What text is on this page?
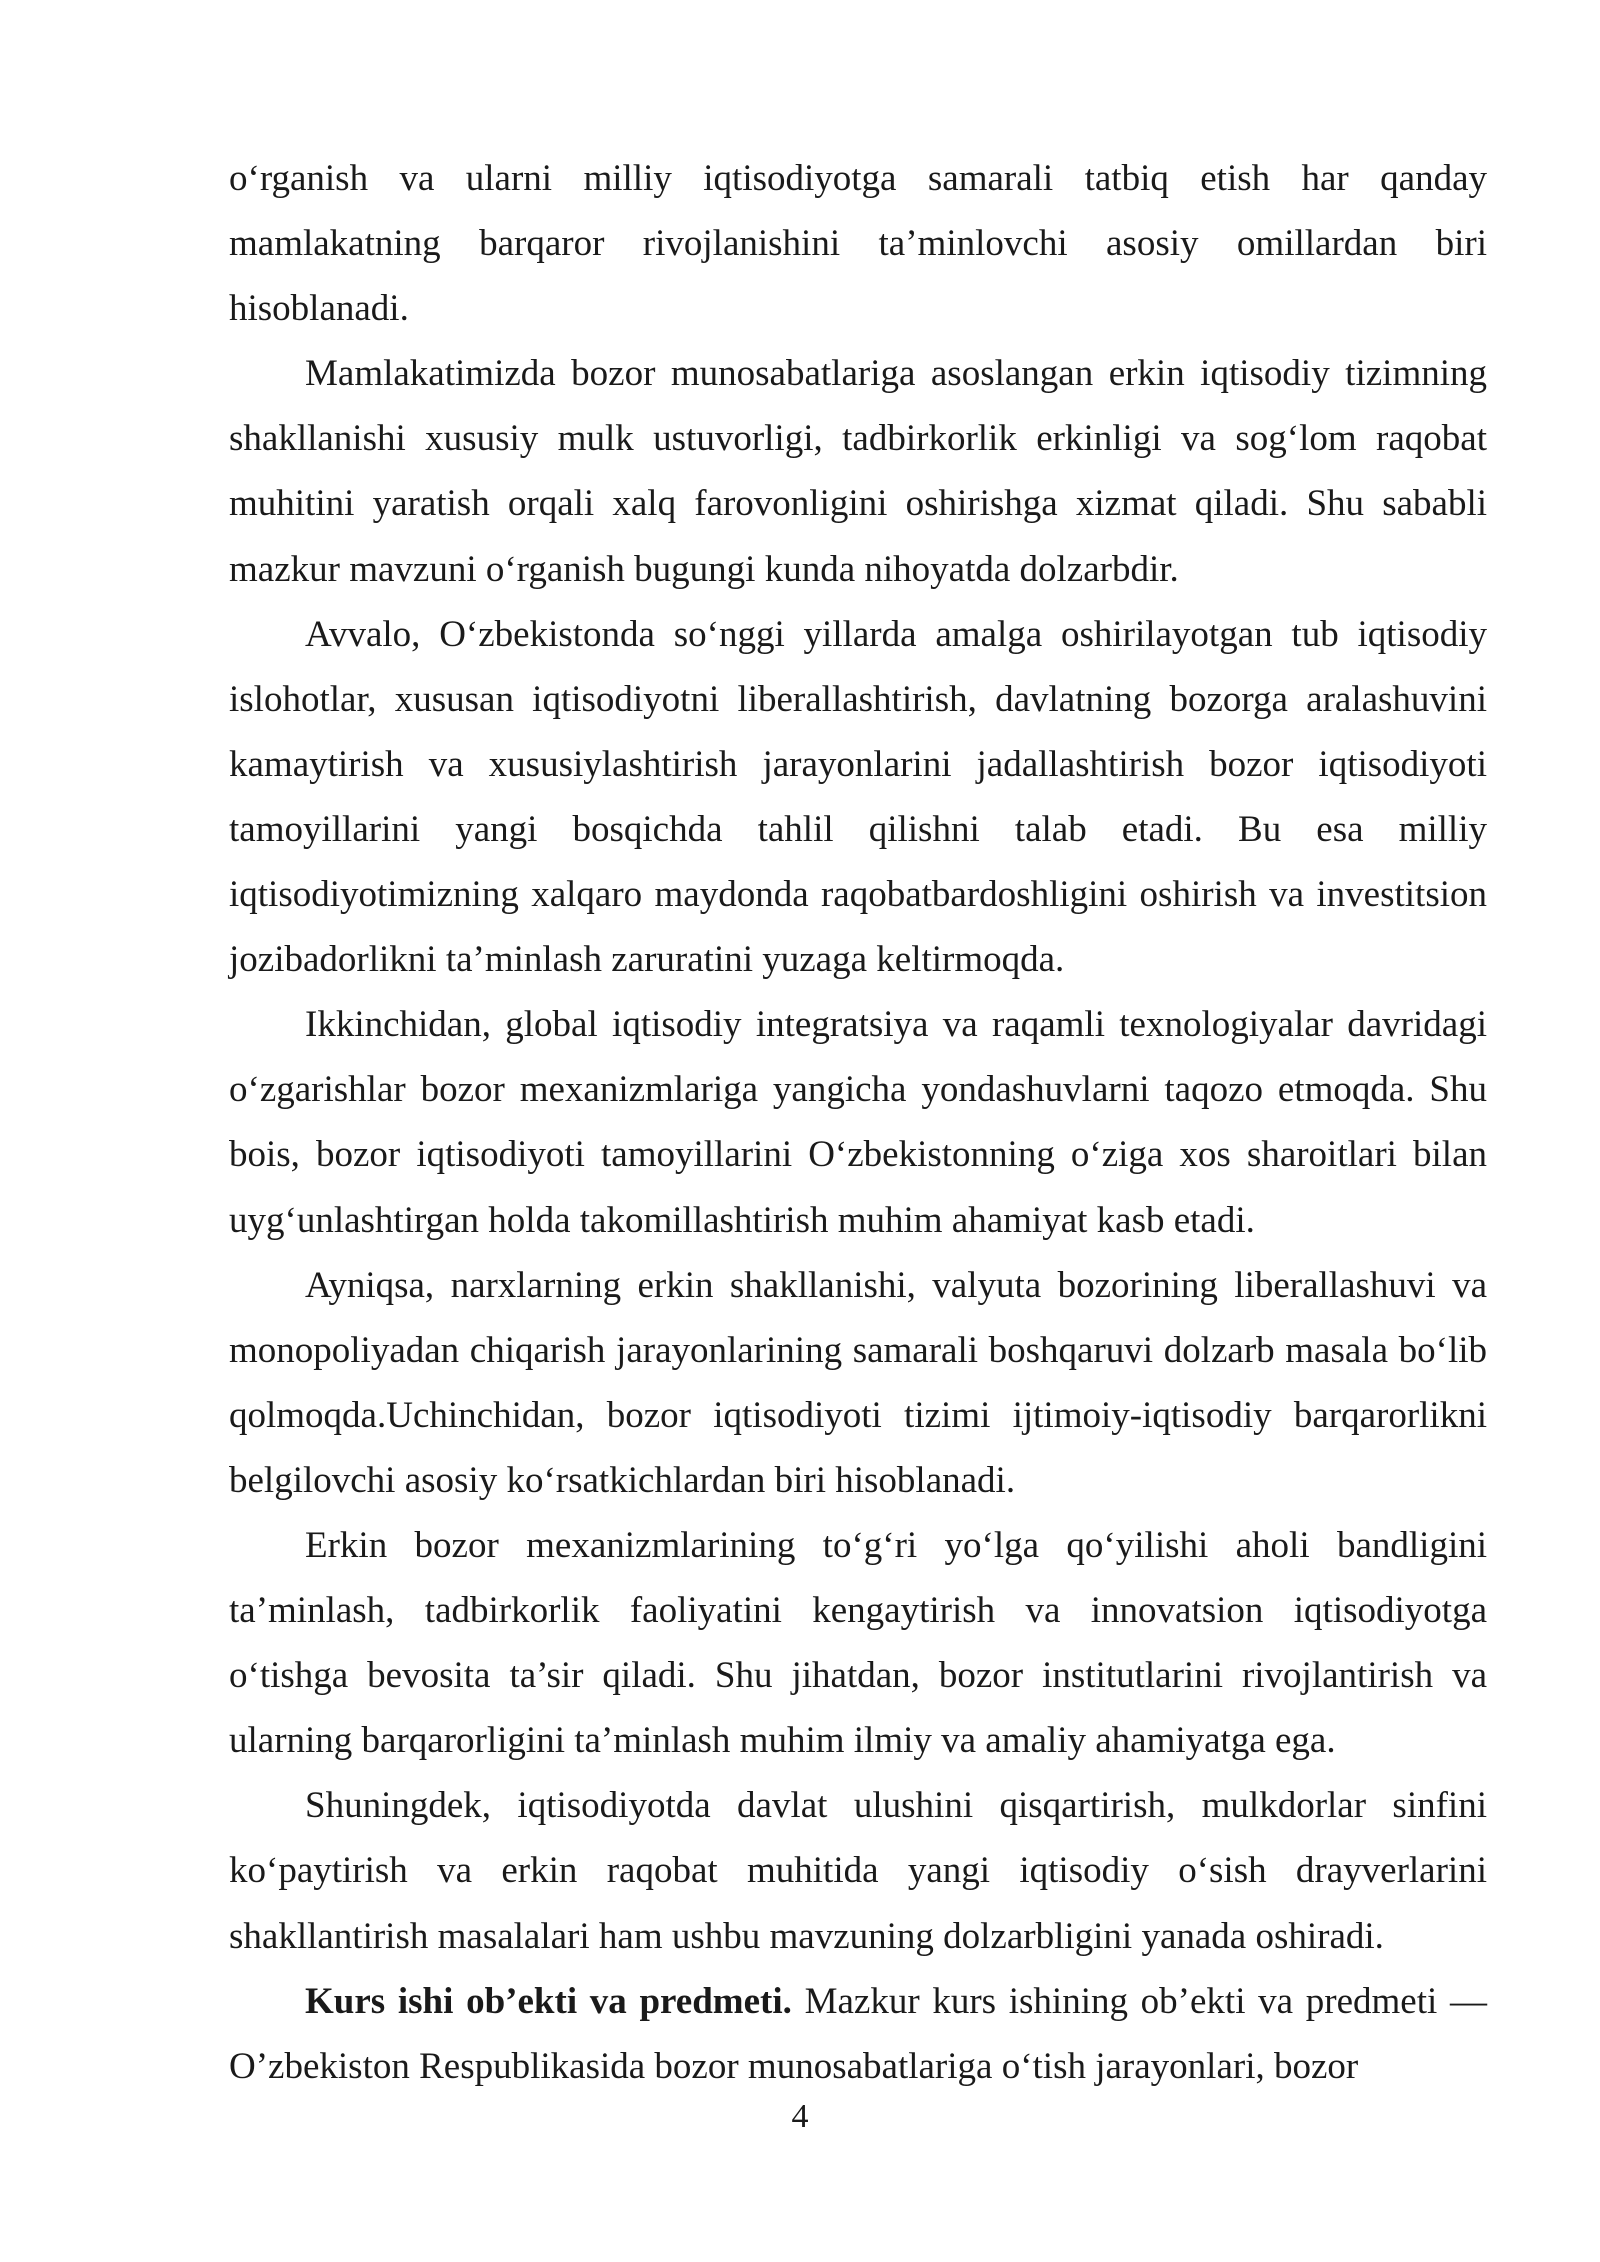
o‘rganish va ularni milliy iqtisodiyotga samarali tatbiq etish har qanday mamlakatning barqaror rivojlanishini ta’minlovchi asosiy omillardan biri hisoblanadi.

Mamlakatimizda bozor munosabatlariga asoslangan erkin iqtisodiy tizimning shakllanishi xususiy mulk ustuvorligi, tadbirkorlik erkinligi va sog‘lom raqobat muhitini yaratish orqali xalq farovonligini oshirishga xizmat qiladi. Shu sababli mazkur mavzuni o‘rganish bugungi kunda nihoyatda dolzarbdir.

Avvalo, O‘zbekistonda so‘nggi yillarda amalga oshirilayotgan tub iqtisodiy islohotlar, xususan iqtisodiyotni liberallashtirish, davlatning bozorga aralashuvini kamaytirish va xususiylashtirish jarayonlarini jadallashtirish bozor iqtisodiyoti tamoyillarini yangi bosqichda tahlil qilishni talab etadi. Bu esa milliy iqtisodiyotimizning xalqaro maydonda raqobatbardoshligini oshirish va investitsion jozibadorlikni ta’minlash zaruratini yuzaga keltirmoqda.

Ikkinchidan, global iqtisodiy integratsiya va raqamli texnologiyalar davridagi o‘zgarishlar bozor mexanizmlariga yangicha yondashuvlarni taqozo etmoqda. Shu bois, bozor iqtisodiyoti tamoyillarini O‘zbekistonning o‘ziga xos sharoitlari bilan uyg‘unlashtirgan holda takomillashtirish muhim ahamiyat kasb etadi.

Ayniqsa, narxlarning erkin shakllanishi, valyuta bozorining liberallashuvi va monopoliyadan chiqarish jarayonlarining samarali boshqaruvi dolzarb masala bo‘lib qolmoqda.Uchinchidan, bozor iqtisodiyoti tizimi ijtimoiy-iqtisodiy barqarorlikni belgilovchi asosiy ko‘rsatkichlardan biri hisoblanadi.

Erkin bozor mexanizmlarining to‘g‘ri yo‘lga qo‘yilishi aholi bandligini ta’minlash, tadbirkorlik faoliyatini kengaytirish va innovatsion iqtisodiyotga o‘tishga bevosita ta’sir qiladi. Shu jihatdan, bozor institutlarini rivojlantirish va ularning barqarorligini ta’minlash muhim ilmiy va amaliy ahamiyatga ega.

Shuningdek, iqtisodiyotda davlat ulushini qisqartirish, mulkdorlar sinfini ko‘paytirish va erkin raqobat muhitida yangi iqtisodiy o‘sish drayverlarini shakllantirish masalalari ham ushbu mavzuning dolzarbligini yanada oshiradi.

Kurs ishi ob’ekti va predmeti. Mazkur kurs ishining ob’ekti va predmeti — O’zbekiston Respublikasida bozor munosabatlariga o‘tish jarayonlari, bozor

4
